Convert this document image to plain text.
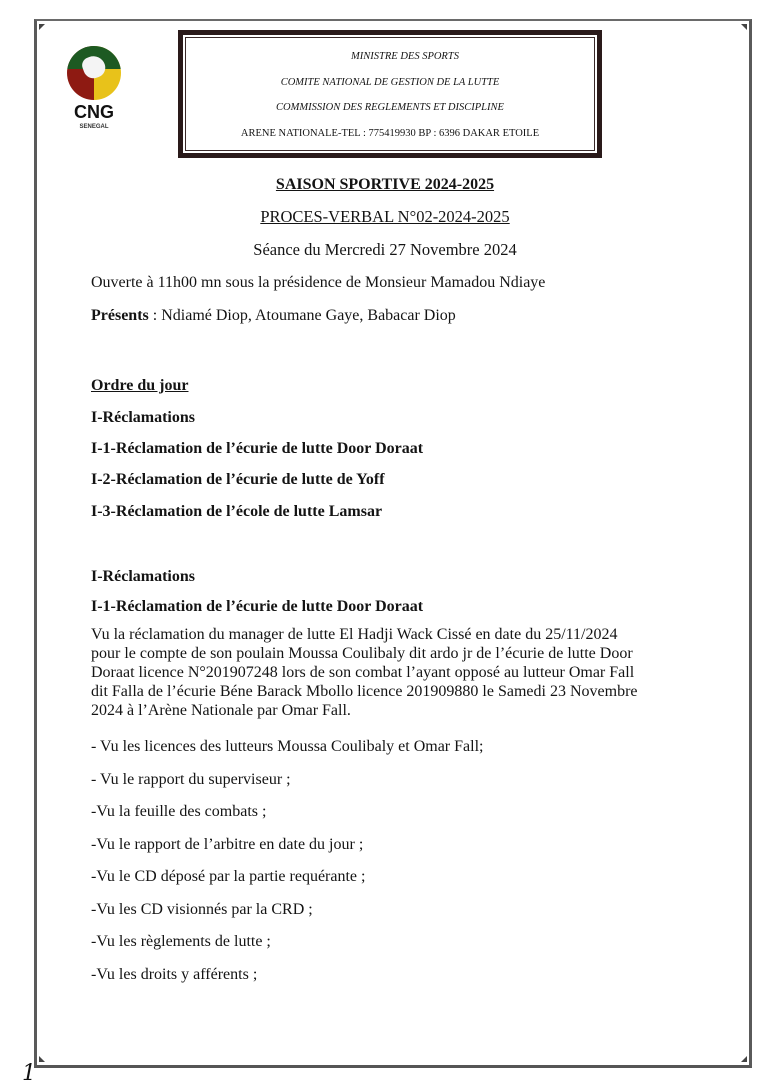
CNG
SENEGAL
MINISTRE DES SPORTS
COMITE NATIONAL DE GESTION DE LA LUTTE
COMMISSION DES REGLEMENTS ET DISCIPLINE
ARENE NATIONALE-TEL : 775419930 BP : 6396 DAKAR ETOILE
SAISON SPORTIVE 2024-2025
PROCES-VERBAL N°02-2024-2025
Séance du Mercredi 27 Novembre 2024
Ouverte à 11h00 mn sous la présidence de Monsieur Mamadou Ndiaye
Présents : Ndiamé Diop, Atoumane Gaye, Babacar Diop
Ordre du jour
I-Réclamations
I-1-Réclamation de l’écurie de lutte Door Doraat
I-2-Réclamation de l’écurie de lutte de Yoff
I-3-Réclamation de l’école de lutte Lamsar
I-Réclamations
I-1-Réclamation de l’écurie de lutte Door Doraat
Vu la réclamation du manager de lutte El Hadji Wack Cissé en date du 25/11/2024
pour le compte de son poulain Moussa Coulibaly dit ardo jr de l’écurie de lutte Door
Doraat licence N°201907248 lors de son combat l’ayant opposé au lutteur Omar Fall
dit Falla de l’écurie Béne Barack Mbollo licence 201909880 le Samedi 23 Novembre
2024 à l’Arène Nationale par Omar Fall.
- Vu les licences des lutteurs Moussa Coulibaly et Omar Fall;
- Vu le rapport du superviseur ;
-Vu la feuille des combats ;
-Vu le rapport de l’arbitre en date du jour ;
-Vu le CD déposé par la partie requérante ;
-Vu les CD visionnés par la CRD ;
-Vu les règlements de lutte ;
-Vu les droits y afférents ;
1
